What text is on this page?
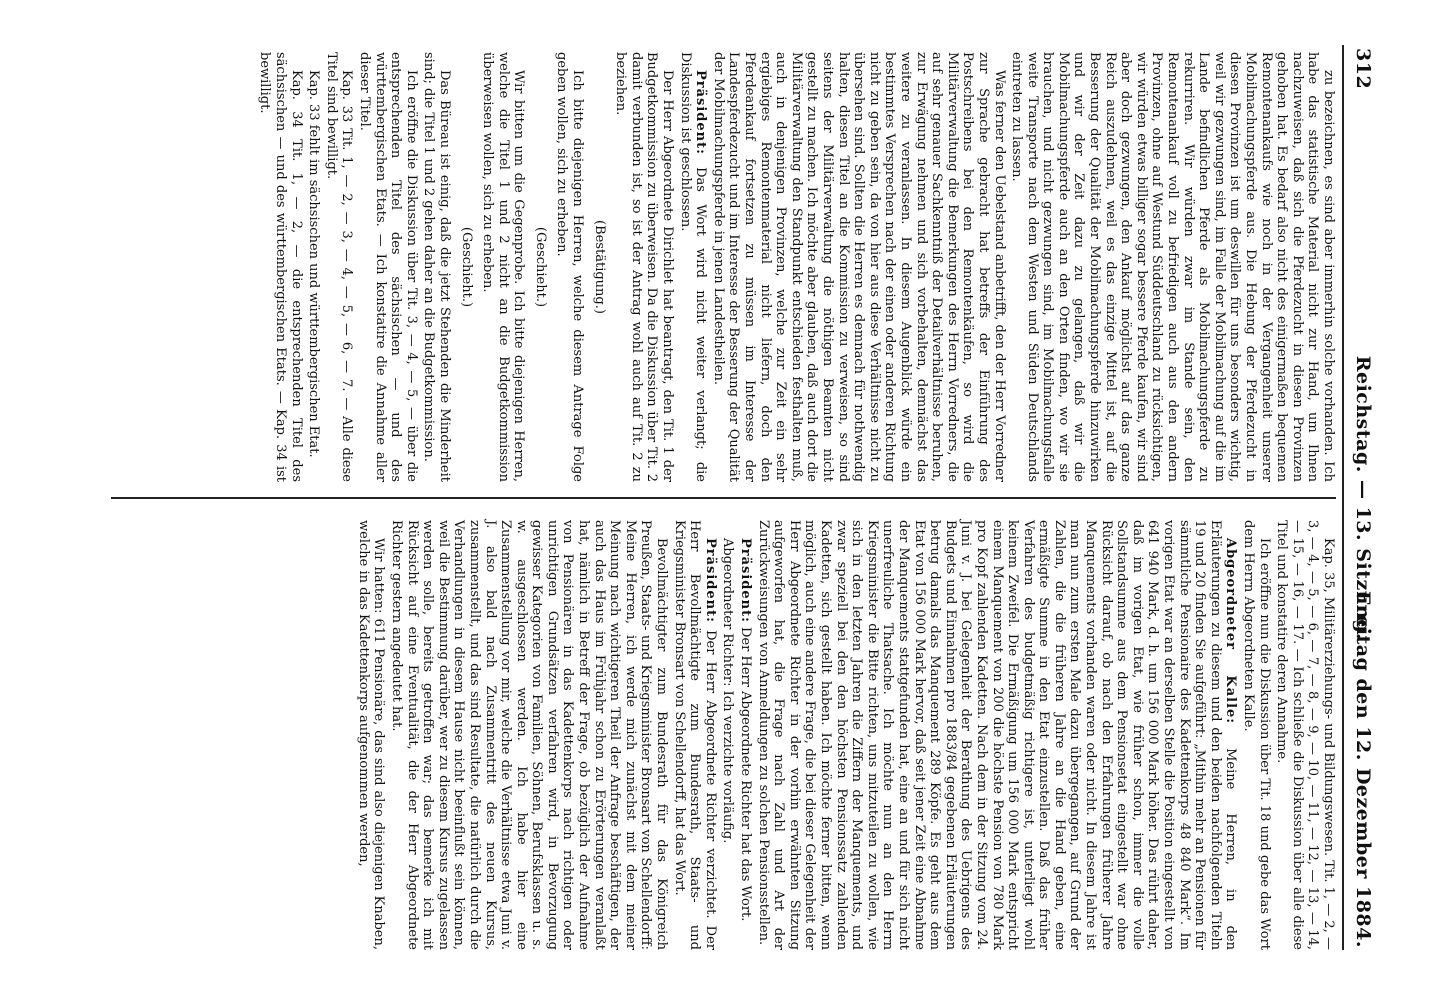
312
Reichstag. — 13. Sitzung.
Freitag den 12. Dezember 1884.

zu bezeichnen, es sind aber immerhin solche vorhanden. Ich habe das statistische Material nicht zur Hand, um Ihnen nachzuweisen, daß sich die Pferdezucht in diesen Provinzen gehoben hat. Es bedarf also nicht des einigermaßen bequemen Remontenankaufs wie noch in der Vergangenheit unserer Mobilmachungspferde aus. Die Hebung der Pferdezucht in diesen Provinzen ist um deswillen für uns besonders wichtig, weil wir gezwungen sind, im Falle der Mobilmachung auf die im Lande befindlichen Pferde als Mobilmachungspferde zu rekurriren. Wir würden zwar im Stande sein, den Remontenankauf voll zu befriedigen auch aus den andern Provinzen, ohne auf Westund Süddeutschland zu rücksichtigen, wir würden etwas billiger sogar bessere Pferde kaufen, wir sind aber doch gezwungen, den Ankauf möglichst auf das ganze Reich auszudehnen, weil es das einzige Mittel ist, auf die Besserung der Qualität der Mobilmachungspferde hinzuwirken und wir der Zeit dazu zu gelangen, daß wir die Mobilmachungspferde auch an den Orten finden, wo wir sie brauchen, und nicht gezwungen sind, im Mobilmachungsfalle weite Transporte nach dem Westen und Süden Deutschlands eintreten zu lassen.

Was ferner den Uebelstand anbetrifft, den der Herr Vorredner zur Sprache gebracht hat betreffs der Einführung des Postschreibens bei den Remontenkäufen, so wird die Militärverwaltung die Bemerkungen des Herrn Vorredners, die auf sehr genauer Sachkenntniß der Detailverhältnisse beruhen, zur Erwägung nehmen und sich vorbehalten, demnächst das weitere zu veranlassen. In diesem Augenblick würde ein bestimmtes Versprechen nach der einen oder anderen Richtung nicht zu geben sein, da von hier aus diese Verhältnisse nicht zu übersehen sind. Sollten die Herren es demnach für nothwendig halten, diesen Titel an die Kommission zu verweisen, so sind seitens der Militärverwaltung die nöthigen Beamten nicht gestellt zu machen. Ich möchte aber glauben, daß auch dort die Militärverwaltung den Standpunkt entschieden festhalten muß, auch in denjenigen Provinzen, welche zur Zeit ein sehr ergiebiges Remontenmaterial nicht liefern, doch den Pferdeankauf fortsetzen zu müssen im Interesse der Landespferdezucht und im Interesse der Besserung der Qualität der Mobilmachungspferde in jenen Landestheilen.

Präsident: Das Wort wird nicht weiter verlangt; die Diskussion ist geschlossen.

Der Herr Abgeordnete Dirichlet hat beantragt, den Tit. 1 der Budgetkommission zu überweisen. Da die Diskussion über Tit. 2 damit verbunden ist, so ist der Antrag wohl auch auf Tit. 2 zu beziehen.

(Bestätigung.)

Ich bitte diejenigen Herren, welche diesem Antrage Folge geben wollen, sich zu erheben.

(Geschieht.)

Wir bitten um die Gegenprobe. Ich bitte diejenigen Herren, welche die Titel 1 und 2 nicht an die Budgetkommission überweisen wollen, sich zu erheben.

(Geschieht.)

Das Büreau ist einig, daß die jetzt Stehenden die Minderheit sind; die Titel 1 und 2 gehen daher an die Budgetkommission.

Ich eröffne die Diskussion über Tit. 3, — 4, — 5, — über die entsprechenden Titel des sächsischen — und des württembergischen Etats. — Ich konstatire die Annahme aller dieser Titel.

Kap. 33 Tit. 1, — 2, — 3, — 4, — 5, — 6, — 7. — Alle diese Titel sind bewilligt.

Kap. 33 fehlt im sächsischen und württembergischen Etat.

Kap. 34 Tit. 1, — 2, — die entsprechenden Titel des sächsischen — und des württembergischen Etats. — Kap. 34 ist bewilligt.

Kap. 35, Militärerziehungs- und Bildungswesen. Tit. 1, — 2, — 3, — 4, — 5, — 6, — 7, — 8, — 9, — 10, — 11, — 12, — 13, — 14, — 15, — 16, — 17. — Ich schließe die Diskussion über alle diese Titel und konstatire deren Annahme.

Ich eröffne nun die Diskussion über Tit. 18 und gebe das Wort dem Herrn Abgeordneten Kalle.

Abgeordneter Kalle: Meine Herren, in den Erläuterungen zu diesem und den beiden nachfolgenden Titeln 19 und 20 finden Sie aufgeführt: „Mithin mehr an Pensionen für sämmtliche Pensionaire des Kadettenkorps 48 840 Mark“. Im vorigen Etat war an derselben Stelle die Position eingestellt von 641 940 Mark, d. h. um 156 000 Mark höher. Das rührt daher, daß im vorigen Etat, wie früher schon, immer die volle Sollstandsumme aus dem Pensionsetat eingestellt war ohne Rücksicht darauf, ob nach den Erfahrungen früherer Jahre Manquements vorhanden waren oder nicht. In diesem Jahre ist man nun zum ersten Male dazu übergegangen, auf Grund der Zahlen, die die früheren Jahre an die Hand geben, eine ermäßigte Summe in den Etat einzustellen. Daß das früher Verfahren des budgetmäßig richtigere ist, unterliegt wohl keinem Zweifel. Die Ermäßigung um 156 000 Mark entspricht einem Manquement von 200 die höchste Pension von 780 Mark pro Kopf zahlenden Kadetten. Nach dem in der Sitzung vom 24. Juni v. J. bei Gelegenheit der Berathung des Uebrigens des Budgets und Einnahmen pro 1883/84 gegebenen Erläuterungen betrug damals das Manquement 289 Köpfe. Es geht aus dem Etat von 156 000 Mark hervor, daß seit jener Zeit eine Abnahme der Manquements stattgefunden hat, eine an und für sich nicht unerfreuliche Thatsache. Ich möchte nun an den Herrn Kriegsminister die Bitte richten, uns mitzuteilen zu wollen, wie sich in den letzten Jahren die Ziffern der Manquements, und zwar speziell bei den den höchsten Pensionssatz zahlenden Kadetten, sich gestellt haben. Ich möchte ferner bitten, wenn möglich, auch eine andere Frage, die bei dieser Gelegenheit der Herr Abgeordnete Richter in der vorhin erwähnten Sitzung aufgeworfen hat, die Frage nach Zahl und Art der Zurückweisungen von Anmeldungen zu solchen Pensionsstellen.

Präsident: Der Herr Abgeordnete Richter hat das Wort.

Abgeordneter Richter: Ich verzichte vorläufig.

Präsident: Der Herr Abgeordnete Richter verzichtet. Der Herr Bevollmächtigte zum Bundesrath, Staats- und Kriegsminister Bronsart von Schellendorff, hat das Wort.

Bevollmächtigter zum Bundesrath für das Königreich Preußen, Staats- und Kriegsminister Bronsart von Schellendorff: Meine Herren, ich werde mich zunächst mit dem meiner Meinung nach wichtigeren Theil der Anfrage beschäftigen, der auch das Haus im Frühjahr schon zu Erörterungen veranlaßt hat, nämlich in Betreff der Frage, ob bezüglich der Aufnahme von Pensionären in das Kadettenkorps nach richtigen oder unrichtigen Grundsätzen verfahren wird, in Bevorzugung gewisser Kategorien von Familien, Söhnen, Berufsklassen u. s. w. ausgeschlossen werden. Ich habe hier eine Zusammenstellung vor mir, welche die Verhältnisse etwa Juni v. J. also bald nach Zusammentritt des neuen Kursus, zusammenstellt, und das sind Resultate, die natürlich durch die Verhandlungen in diesem Hause nicht beeinflußt sein können, weil die Bestimmung darüber, wer zu diesem Kursus zugelassen werden solle, bereits getroffen war; das bemerke ich mit Rücksicht auf eine Eventualität, die der Herr Abgeordnete Richter gestern angedeutet hat.

Wir hatten: 611 Pensionäre, das sind also diejenigen Knaben, welche in das Kadettenkorps aufgenommen werden,
